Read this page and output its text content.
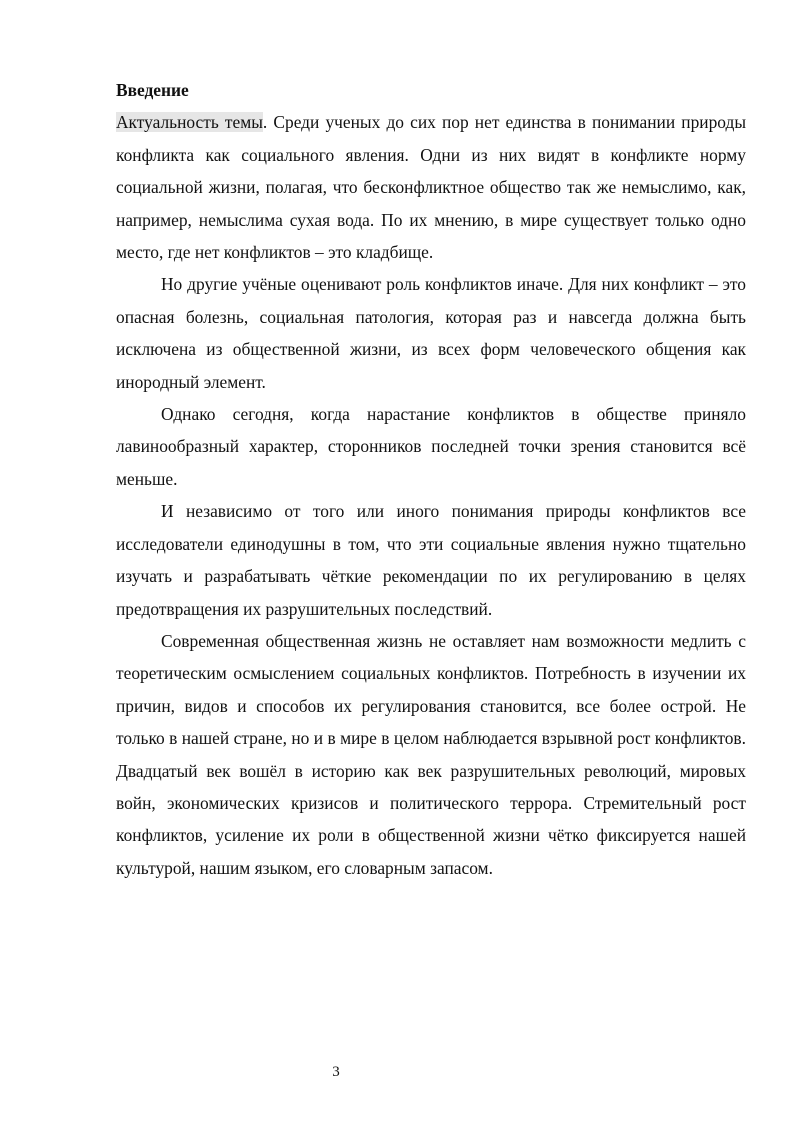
Введение

Актуальность темы. Среди ученых до сих пор нет единства в понимании природы конфликта как социального явления. Одни из них видят в конфликте норму социальной жизни, полагая, что бесконфликтное общество так же немыслимо, как, например, немыслима сухая вода. По их мнению, в мире существует только одно место, где нет конфликтов – это кладбище.

Но другие учёные оценивают роль конфликтов иначе. Для них конфликт – это опасная болезнь, социальная патология, которая раз и навсегда должна быть исключена из общественной жизни, из всех форм человеческого общения как инородный элемент.

Однако сегодня, когда нарастание конфликтов в обществе приняло лавинообразный характер, сторонников последней точки зрения становится всё меньше.

И независимо от того или иного понимания природы конфликтов все исследователи единодушны в том, что эти социальные явления нужно тщательно изучать и разрабатывать чёткие рекомендации по их регулированию в целях предотвращения их разрушительных последствий.

Современная общественная жизнь не оставляет нам возможности медлить с теоретическим осмыслением социальных конфликтов. Потребность в изучении их причин, видов и способов их регулирования становится, все более острой. Не только в нашей стране, но и в мире в целом наблюдается взрывной рост конфликтов. Двадцатый век вошёл в историю как век разрушительных революций, мировых войн, экономических кризисов и политического террора. Стремительный рост конфликтов, усиление их роли в общественной жизни чётко фиксируется нашей культурой, нашим языком, его словарным запасом.

3
